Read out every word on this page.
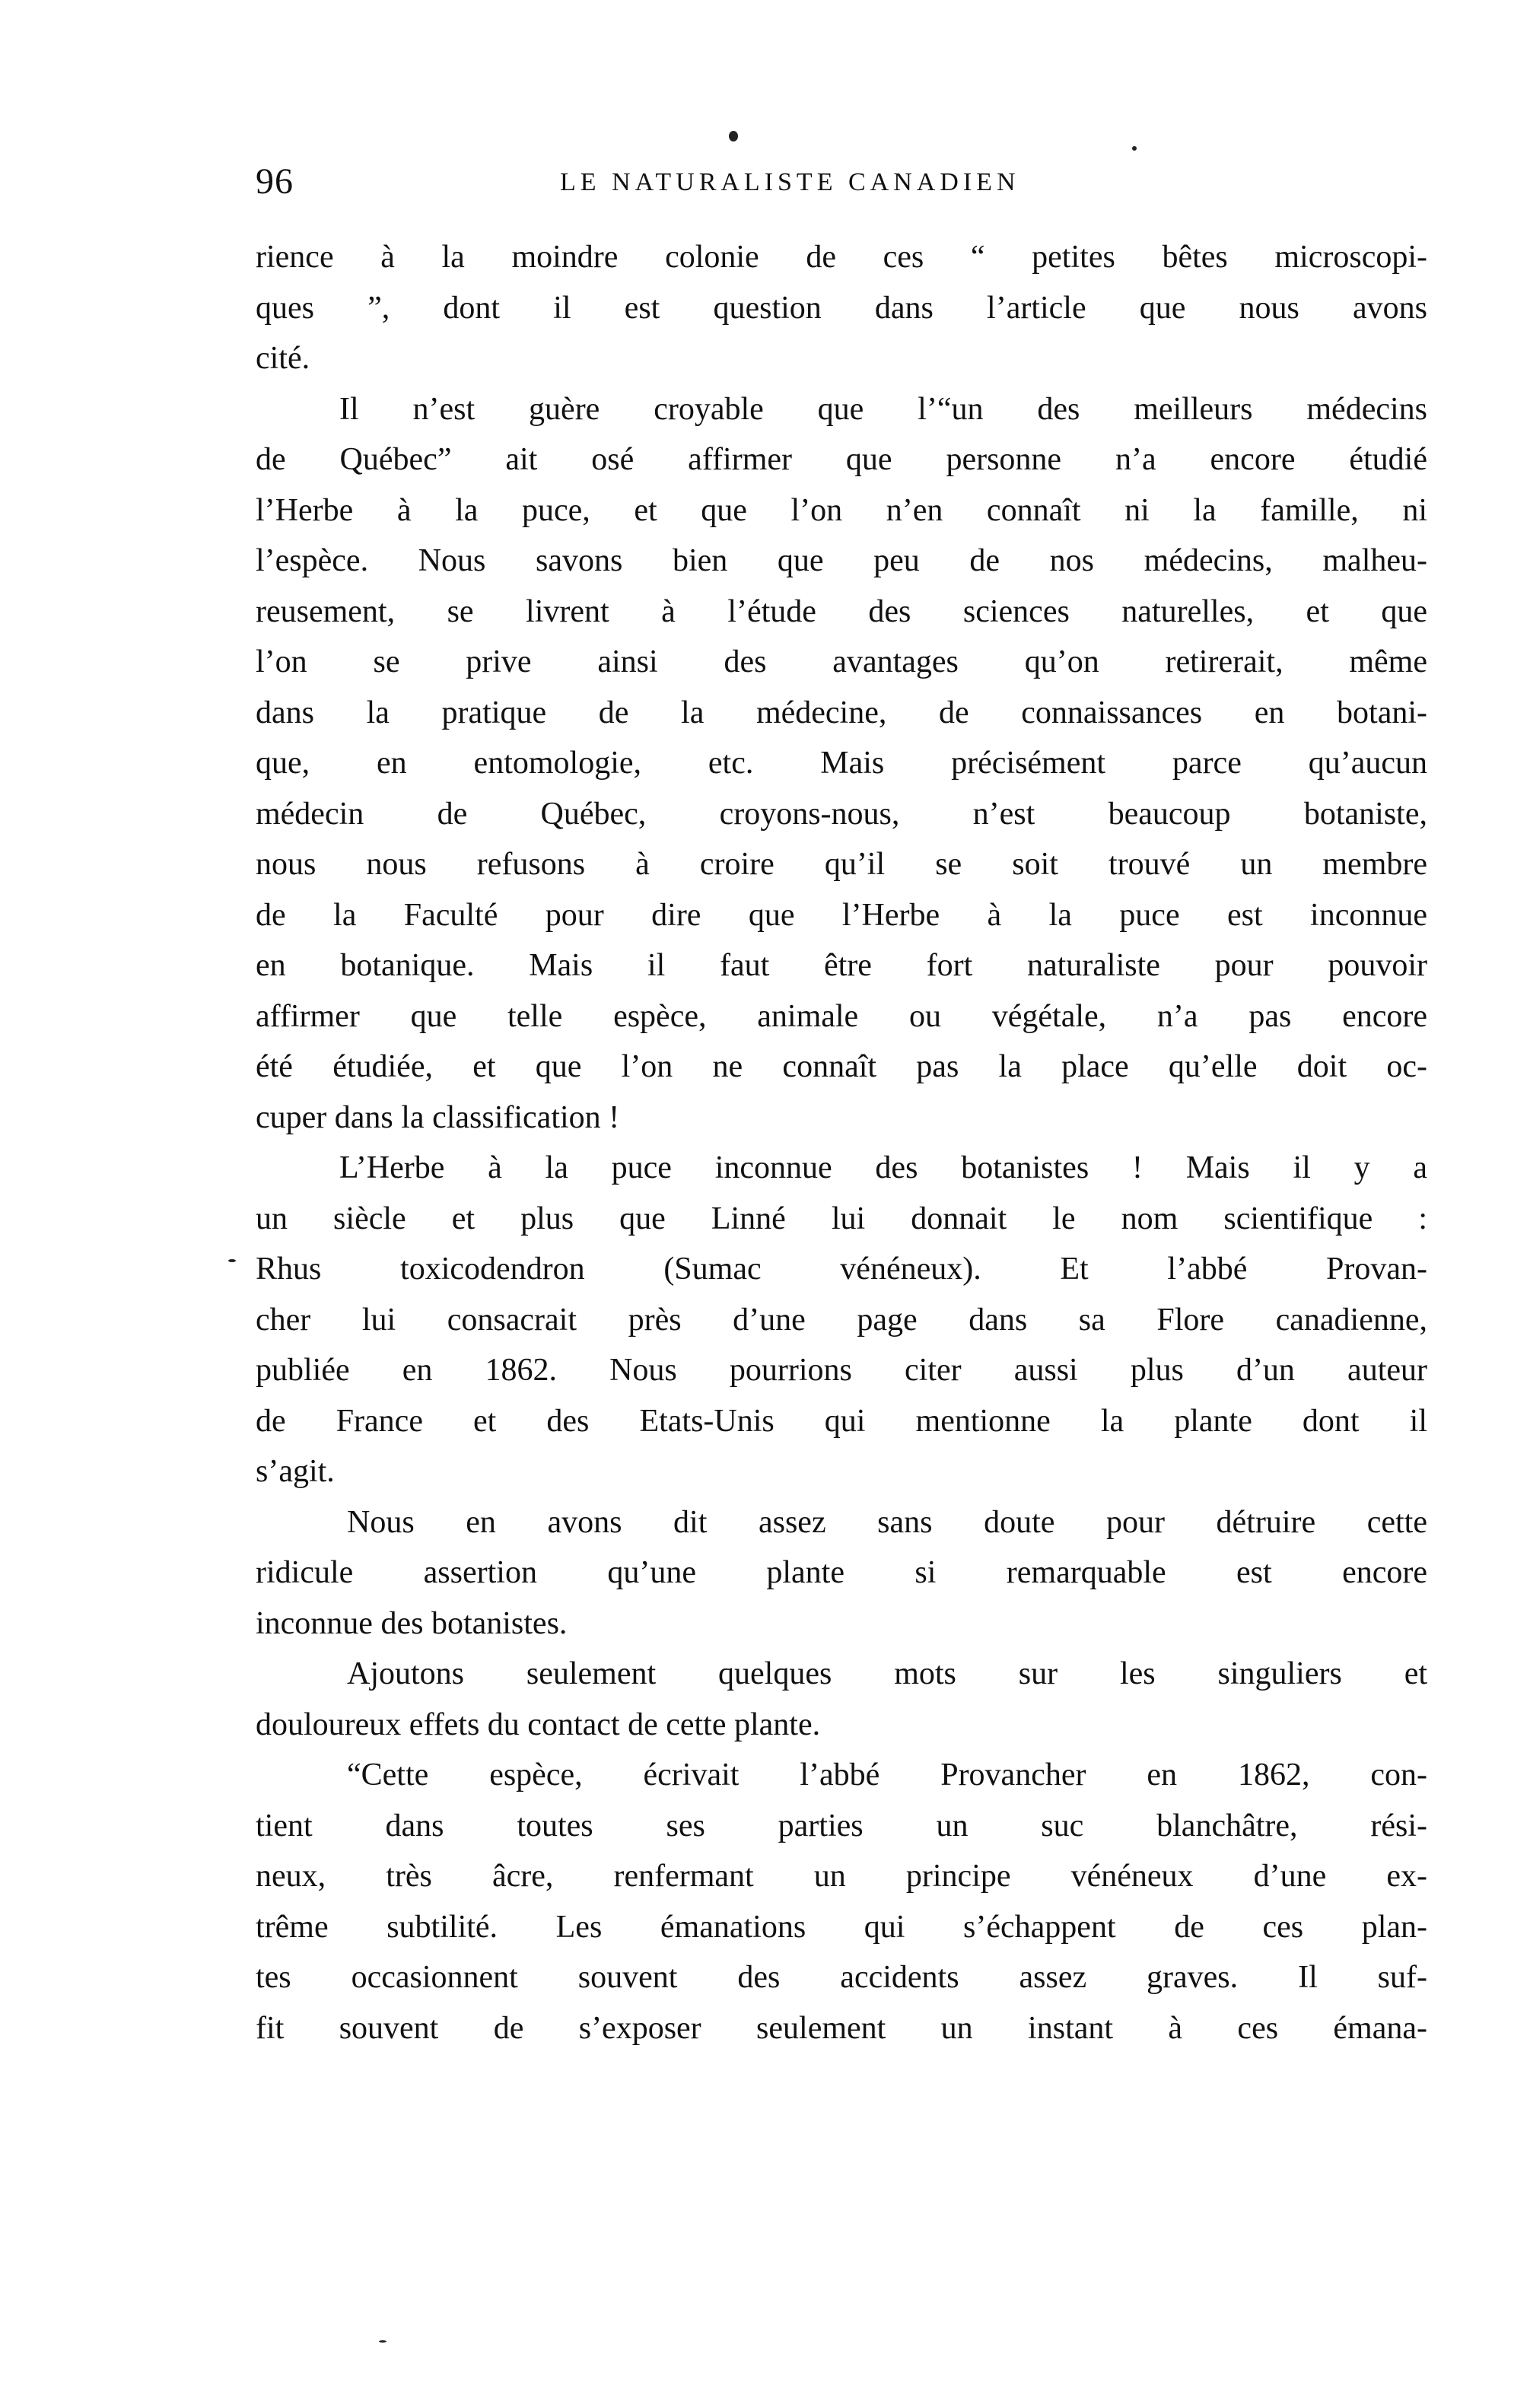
96	LE NATURALISTE CANADIEN
rience à la moindre colonie de ces “ petites bêtes microscopi-
ques ”, dont il est question dans l’article que nous avons
cité.
Il n’est guère croyable que l’“un des meilleurs médecins
de Québec” ait osé affirmer que personne n’a encore étudié
l’Herbe à la puce, et que l’on n’en connaît ni la famille, ni
l’espèce. Nous savons bien que peu de nos médecins, malheu-
reusement, se livrent à l’étude des sciences naturelles, et que
l’on se prive ainsi des avantages qu’on retirerait, même
dans la pratique de la médecine, de connaissances en botani-
que, en entomologie, etc. Mais précisément parce qu’aucun
médecin de Québec, croyons-nous, n’est beaucoup botaniste,
nous nous refusons à croire qu’il se soit trouvé un membre
de la Faculté pour dire que l’Herbe à la puce est inconnue
en botanique. Mais il faut être fort naturaliste pour pouvoir
affirmer que telle espèce, animale ou végétale, n’a pas encore
été étudiée, et que l’on ne connaît pas la place qu’elle doit oc-
cuper dans la classification !
L’Herbe à la puce inconnue des botanistes ! Mais il y a
un siècle et plus que Linné lui donnait le nom scientifique :
Rhus toxicodendron (Sumac vénéneux). Et l’abbé Provan-
cher lui consacrait près d’une page dans sa Flore canadienne,
publiée en 1862. Nous pourrions citer aussi plus d’un auteur
de France et des Etats-Unis qui mentionne la plante dont il
s’agit.
Nous en avons dit assez sans doute pour détruire cette
ridicule assertion qu’une plante si remarquable est encore
inconnue des botanistes.
Ajoutons seulement quelques mots sur les singuliers et
douloureux effets du contact de cette plante.
“Cette espèce, écrivait l’abbé Provancher en 1862, con-
tient dans toutes ses parties un suc blanchâtre, rési-
neux, très âcre, renfermant un principe vénéneux d’une ex-
trême subtilité. Les émanations qui s’échappent de ces plan-
tes occasionnent souvent des accidents assez graves. Il suf-
fit souvent de s’exposer seulement un instant à ces émana-
